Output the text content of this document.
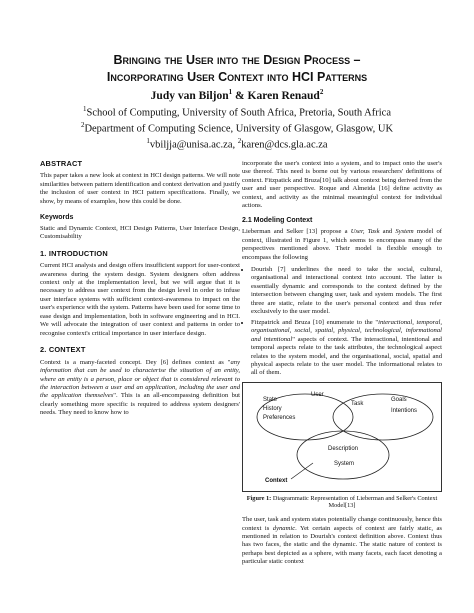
Bringing the User into the Design Process –
Incorporating User Context into HCI Patterns
Judy van Biljon$^1$ & Karen Renaud$^2$
$^1$School of Computing, University of South Africa, Pretoria, South Africa
$^2$Department of Computing Science, University of Glasgow, Glasgow, UK
$^1$vbiljja@unisa.ac.za, $^2$karen@dcs.gla.ac.za
ABSTRACT

This paper takes a new look at context in HCI design patterns. We will note similarities between pattern identification and context derivation and justify the inclusion of user context in HCI pattern specifications. Finally, we show, by means of examples, how this could be done.

Keywords

Static and Dynamic Context, HCI Design Patterns, User Interface Design, Customisability

1. INTRODUCTION

Current HCI analysis and design offers insufficient support for user-context awareness during the system design. System designers often address context only at the implementation level, but we will argue that it is necessary to address user context from the design level in order to infuse user interface systems with sufficient context-awareness to impact on the user's experience with the system. Patterns have been used for some time to ease design and implementation, both in software engineering and in HCI. We will advocate the integration of user context and patterns in order to recognise context's critical importance in user interface design.

2. CONTEXT

Context is a many-faceted concept. Dey [6] defines context as "any information that can be used to characterise the situation of an entity, where an entity is a person, place or object that is considered relevant to the interaction between a user and an application, including the user and the application themselves". This is an all-encompassing definition but clearly something more specific is required to address system designers' needs. They need to know how to

incorporate the user's context into a system, and to impact onto the user's use thereof. This need is borne out by various researchers' definitions of context. Fitzpatick and Bruza[10] talk about context being derived from the user and user perspective. Roque and Almeida [16] define activity as context, and activity as the minimal meaningful context for individual actions.

2.1 Modeling Context

Lieberman and Selker [13] propose a User, Task and System model of context, illustrated in Figure 1, which seems to encompass many of the perspectives mentioned above. Their model is flexible enough to encompass the following

• Dourish [7] underlines the need to take the social, cultural, organisational and interactional context into account. The latter is essentially dynamic and corresponds to the context defined by the intersection between changing user, task and system models. The first three are static, relate to the user's personal context and thus refer exclusively to the user model.
• Fitzpatrick and Bruza [10] enumerate to the "interactional, temporal, organisational, social, spatial, physical, technological, informational and intentional" aspects of context. The interactional, intentional and temporal aspects relate to the task attributes, the technological aspect relates to the system model, and the organisational, social, spatial and physical aspects relate to the user model. The informational relates to all of them.
User
Task
State
History
Preferences
Goals
Intentions
Description
System
Context
Figure 1: Diagrammatic Representation of Lieberman and Selker's Context Model[13]

The user, task and system states potentially change continuously, hence this context is dynamic. Yet certain aspects of context are fairly static, as mentioned in relation to Dourish's context definition above. Context thus has two faces, the static and the dynamic. The static nature of context is perhaps best depicted as a sphere, with many facets, each facet denoting a particular static context
